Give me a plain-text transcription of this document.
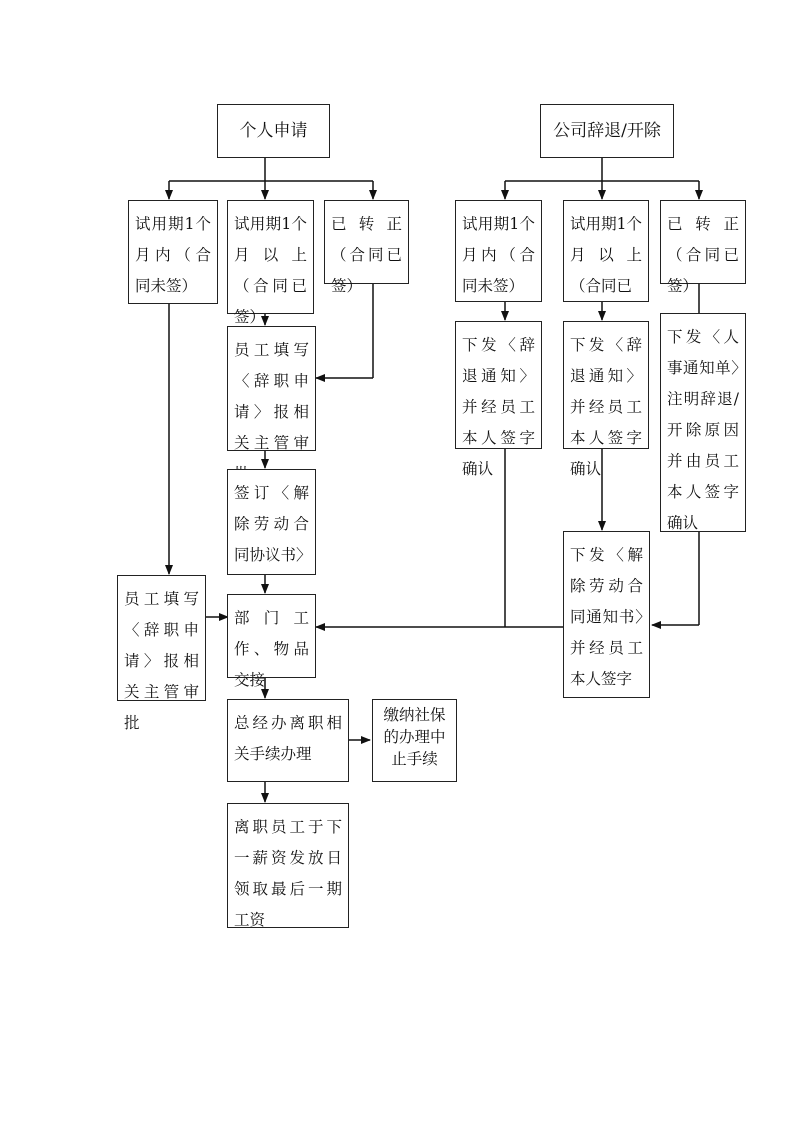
个人申请
试用期1个月内（合同未签）
试用期1个月以上（合同已签）
已转正（合同已签）
员工填写〈辞职申请〉报相关主管审
签订〈解除劳动合同协议书〉
员工填写〈辞职申请〉报相关主管审批
部门工作、物品交接
总经办离职相关手续办理
缴纳社保的办理中止手续
离职员工于下一薪资发放日领取最后一期工资
公司辞退/开除
试用期1个月内（合同未签）
试用期1个月以上（合同已
已转正（合同已签）
下发〈辞退通知〉并经员工本人签字确认
下发〈辞退通知〉并经员工本人签字确认
下发〈人事通知单〉注明辞退/开除原因并由员工本人签字确认
下发〈解除劳动合同通知书〉并经员工本人签字
